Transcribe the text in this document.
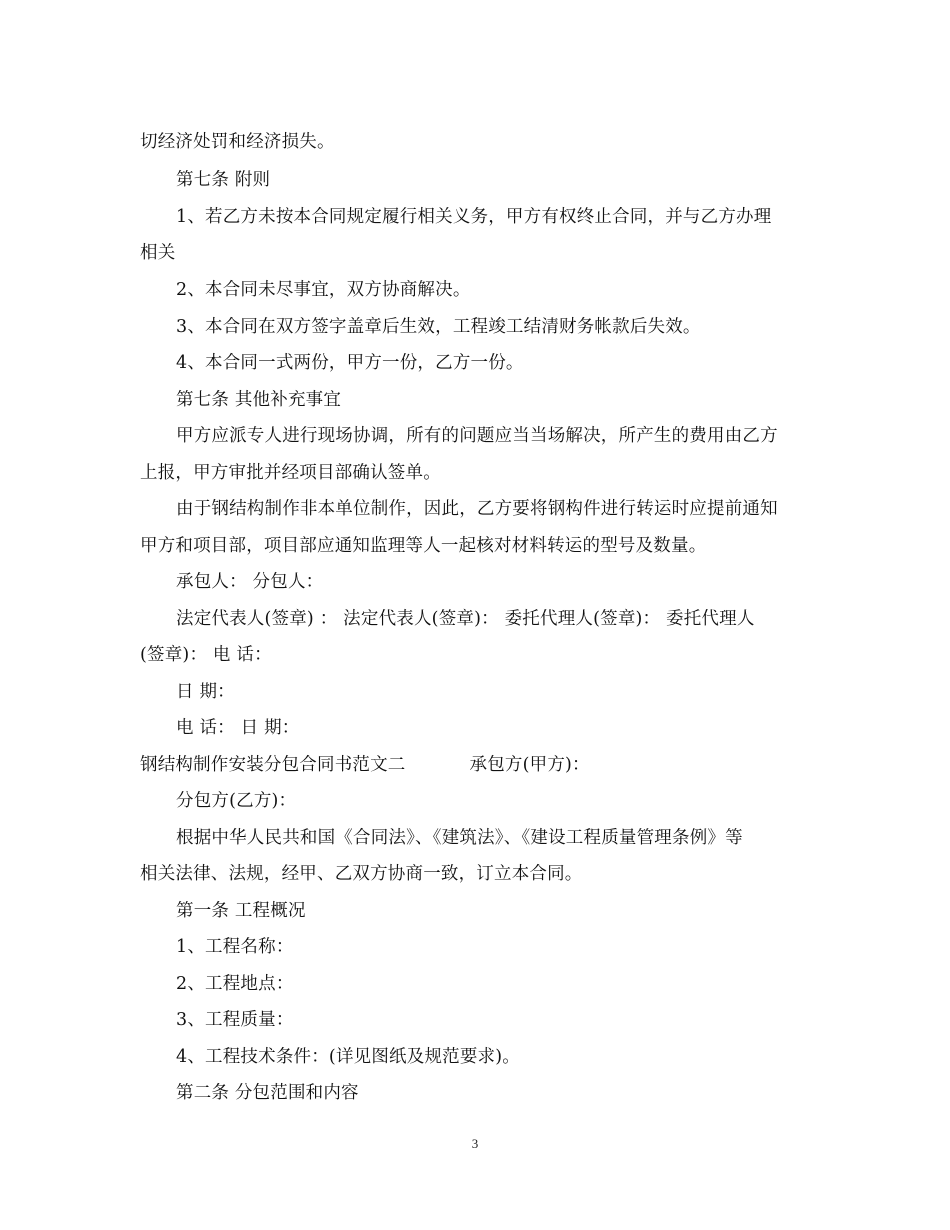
切经济处罚和经济损失。
第七条 附则
1、若乙方未按本合同规定履行相关义务，甲方有权终止合同，并与乙方办理
相关
2、本合同未尽事宜，双方协商解决。
3、本合同在双方签字盖章后生效，工程竣工结清财务帐款后失效。
4、本合同一式两份，甲方一份，乙方一份。
第七条 其他补充事宜
甲方应派专人进行现场协调，所有的问题应当当场解决，所产生的费用由乙方
上报，甲方审批并经项目部确认签单。
由于钢结构制作非本单位制作，因此，乙方要将钢构件进行转运时应提前通知
甲方和项目部，项目部应通知监理等人一起核对材料转运的型号及数量。
承包人： 分包人：
法定代表人(签章) ： 法定代表人(签章)： 委托代理人(签章)： 委托代理人
(签章)： 电 话：
日 期：
电 话： 日 期：
钢结构制作安装分包合同书范文二	承包方(甲方)：
分包方(乙方)：
根据中华人民共和国《合同法》、《建筑法》、《建设工程质量管理条例》等
相关法律、法规，经甲、乙双方协商一致，订立本合同。
第一条 工程概况
1、工程名称：
2、工程地点：
3、工程质量：
4、工程技术条件：(详见图纸及规范要求)。
第二条 分包范围和内容
3
